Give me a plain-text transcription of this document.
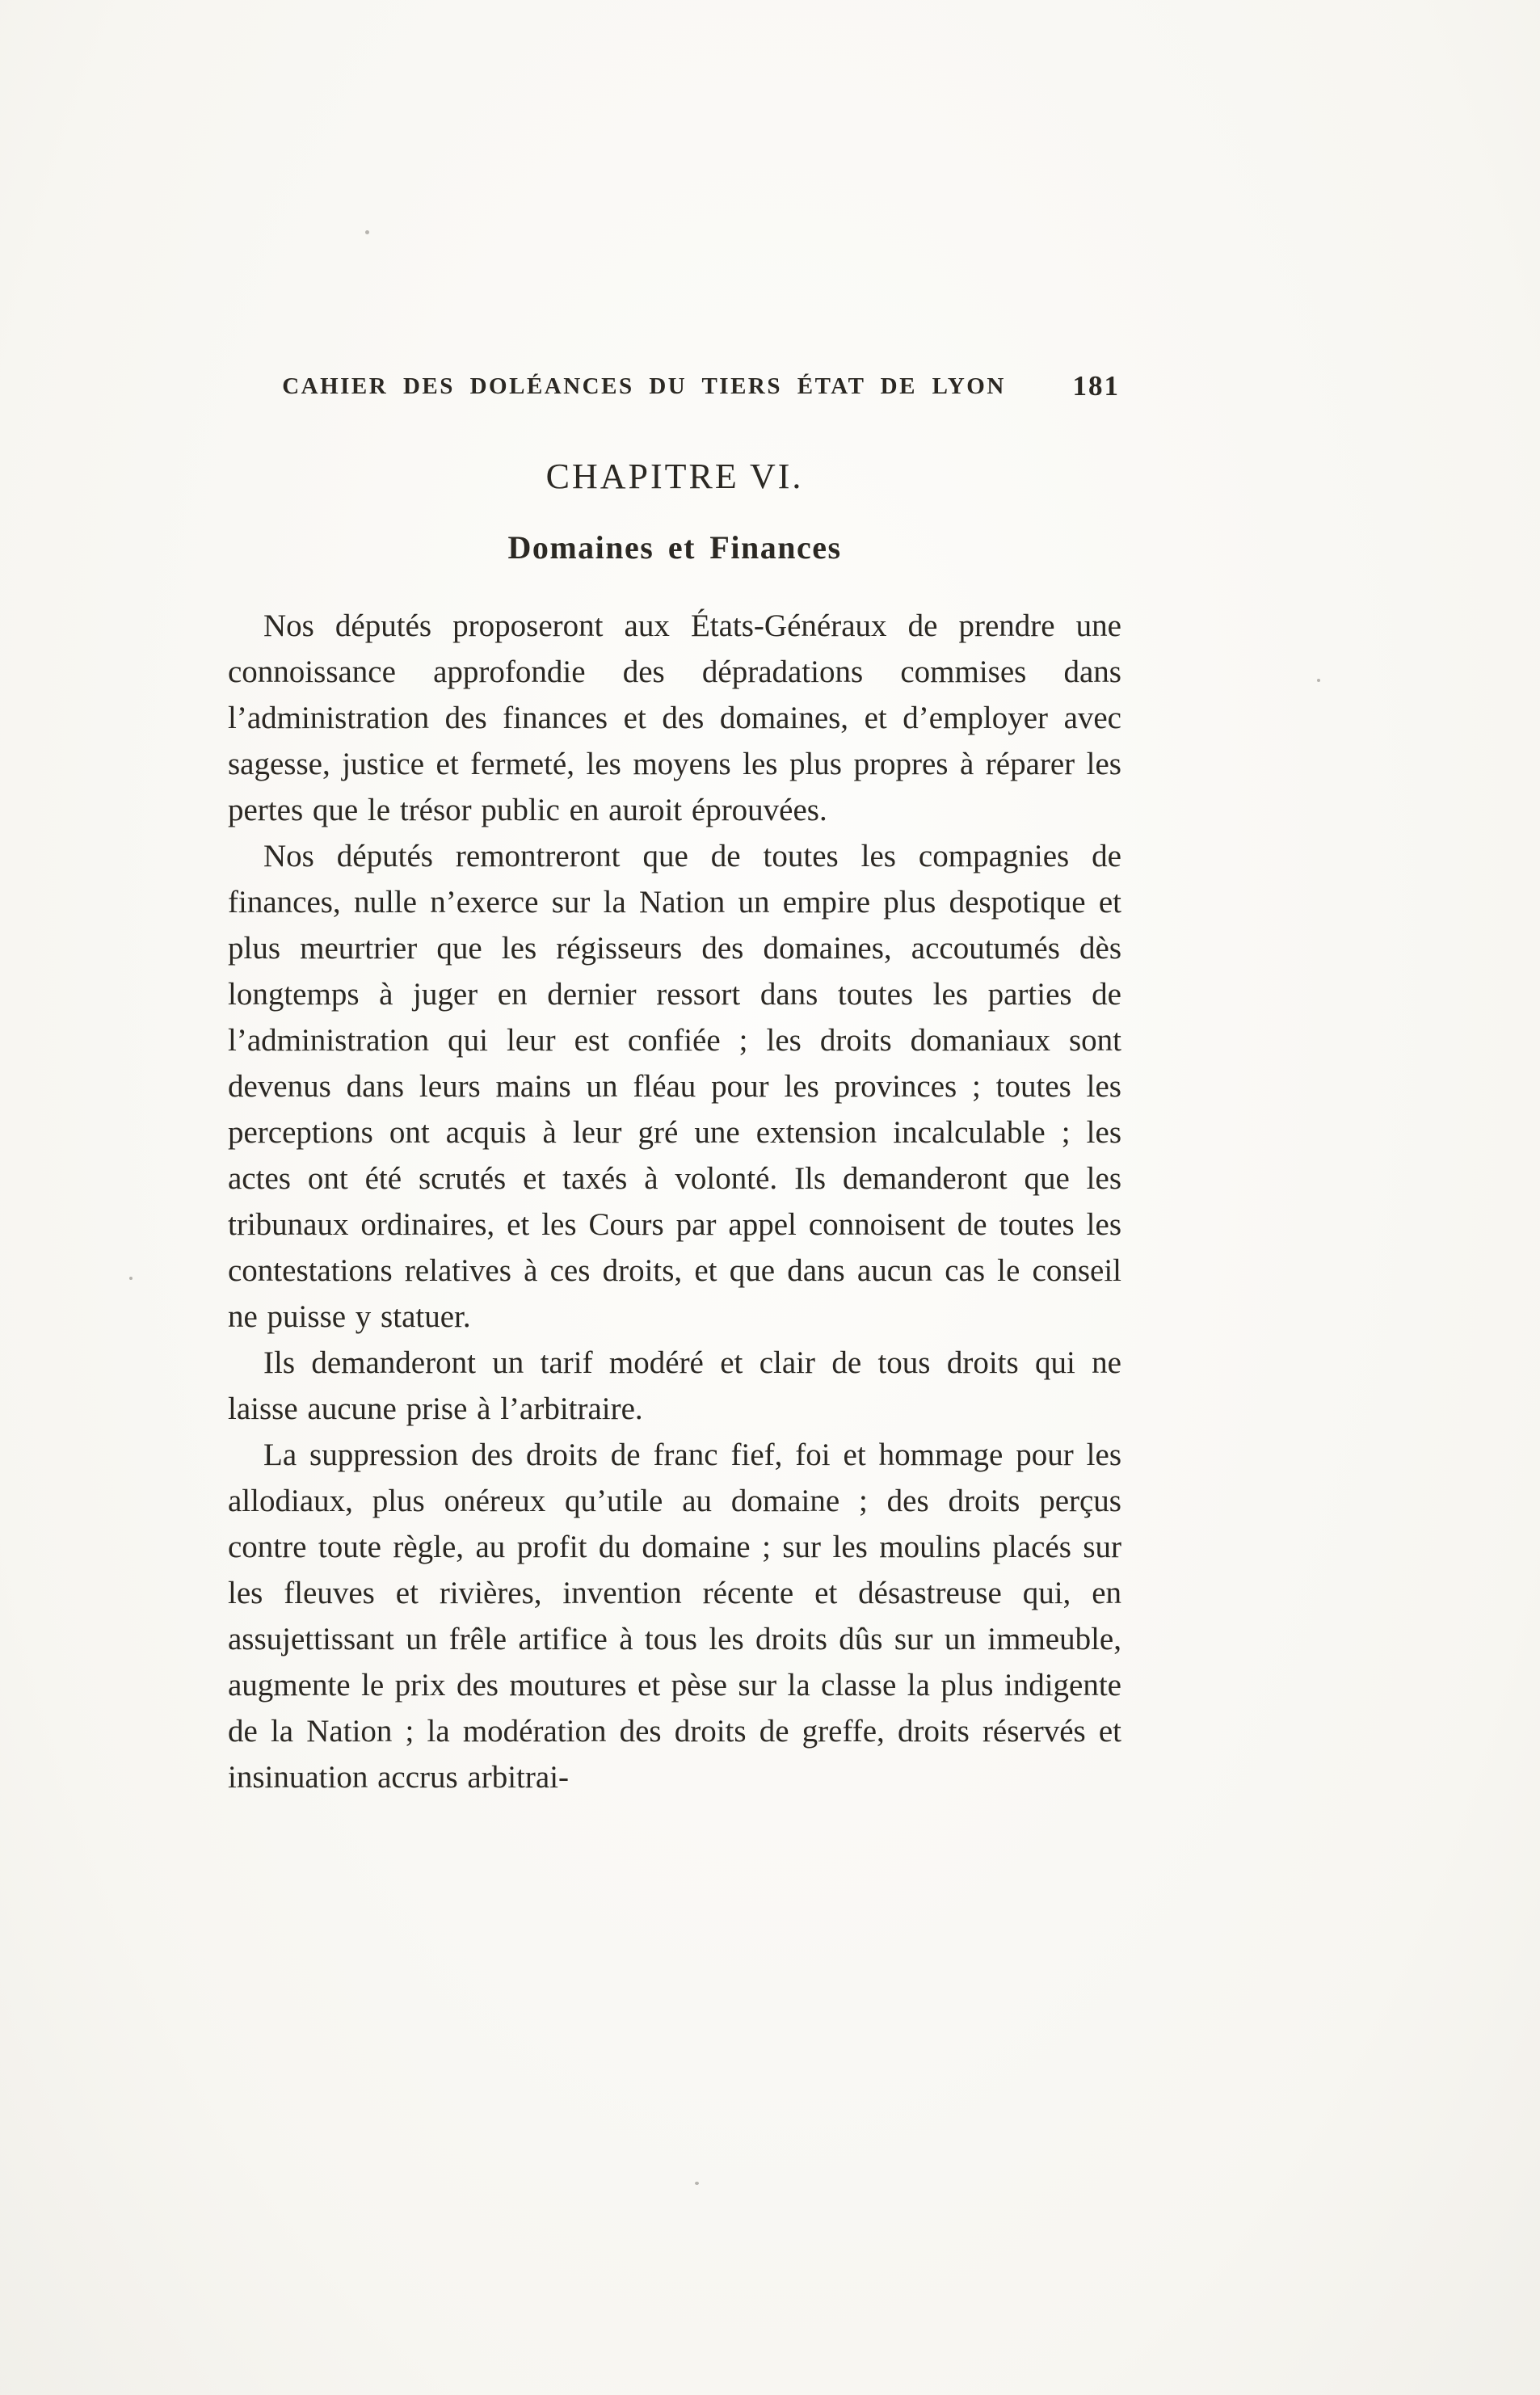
CAHIER DES DOLÉANCES DU TIERS ÉTAT DE LYON 181
CHAPITRE VI.
Domaines et Finances

Nos députés proposeront aux États-Généraux de prendre une connoissance approfondie des dépradations commises dans l’administration des finances et des domaines, et d’employer avec sagesse, justice et fermeté, les moyens les plus propres à réparer les pertes que le trésor public en auroit éprouvées.

Nos députés remontreront que de toutes les compagnies de finances, nulle n’exerce sur la Nation un empire plus despotique et plus meurtrier que les régisseurs des domaines, accoutumés dès longtemps à juger en dernier ressort dans toutes les parties de l’administration qui leur est confiée ; les droits domaniaux sont devenus dans leurs mains un fléau pour les provinces ; toutes les perceptions ont acquis à leur gré une extension incalculable ; les actes ont été scrutés et taxés à volonté. Ils demanderont que les tribunaux ordinaires, et les Cours par appel connoisent de toutes les contestations relatives à ces droits, et que dans aucun cas le conseil ne puisse y statuer.

Ils demanderont un tarif modéré et clair de tous droits qui ne laisse aucune prise à l’arbitraire.

La suppression des droits de franc fief, foi et hommage pour les allodiaux, plus onéreux qu’utile au domaine ; des droits perçus contre toute règle, au profit du domaine ; sur les moulins placés sur les fleuves et rivières, invention récente et désastreuse qui, en assujettissant un frêle artifice à tous les droits dûs sur un immeuble, augmente le prix des moutures et pèse sur la classe la plus indigente de la Nation ; la modération des droits de greffe, droits réservés et insinuation accrus arbitrai-
